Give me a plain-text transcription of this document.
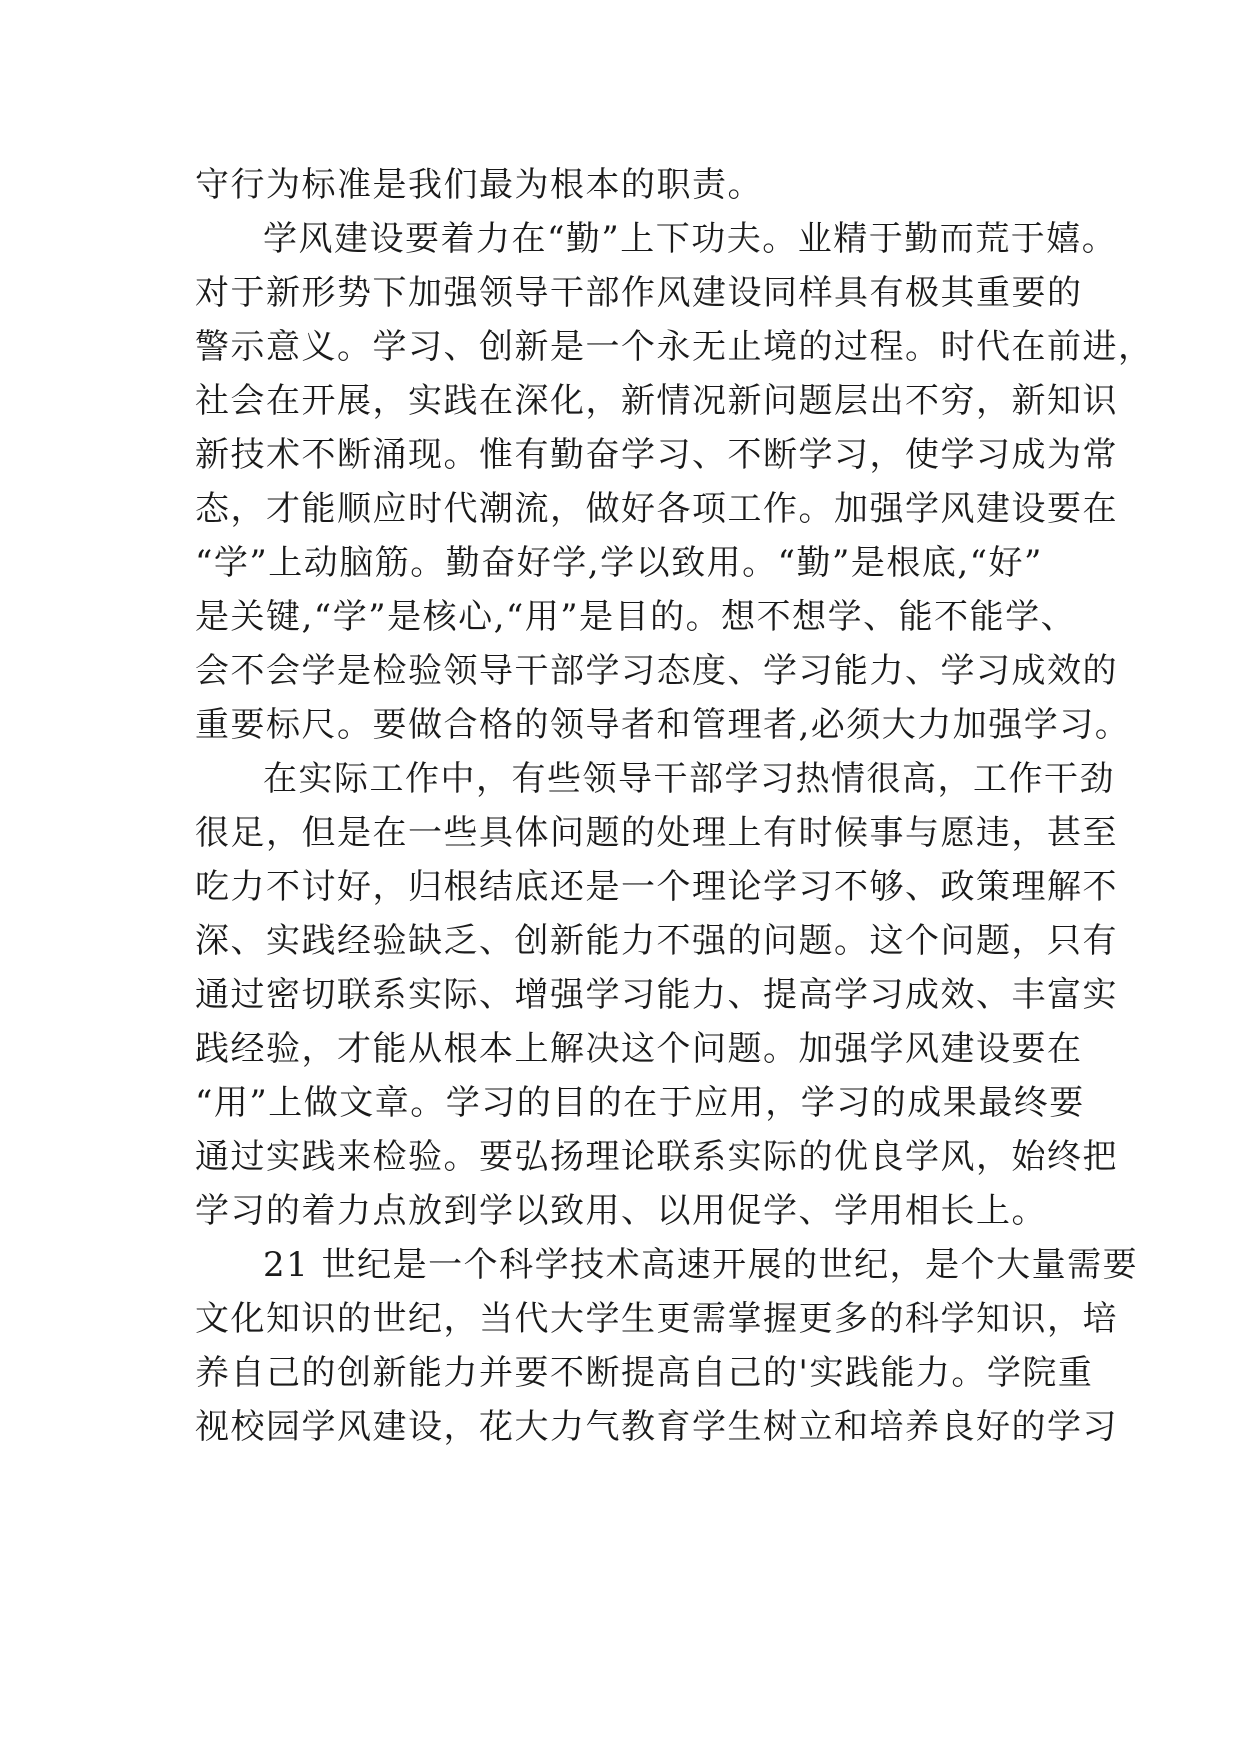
守行为标准是我们最为根本的职责。
学风建设要着力在“勤”上下功夫。业精于勤而荒于嬉。
对于新形势下加强领导干部作风建设同样具有极其重要的
警示意义。学习、创新是一个永无止境的过程。时代在前进，
社会在开展，实践在深化，新情况新问题层出不穷，新知识
新技术不断涌现。惟有勤奋学习、不断学习，使学习成为常
态，才能顺应时代潮流，做好各项工作。加强学风建设要在
“学”上动脑筋。勤奋好学,学以致用。“勤”是根底,“好”
是关键,“学”是核心,“用”是目的。想不想学、能不能学、
会不会学是检验领导干部学习态度、学习能力、学习成效的
重要标尺。要做合格的领导者和管理者,必须大力加强学习。
在实际工作中，有些领导干部学习热情很高，工作干劲
很足，但是在一些具体问题的处理上有时候事与愿违，甚至
吃力不讨好，归根结底还是一个理论学习不够、政策理解不
深、实践经验缺乏、创新能力不强的问题。这个问题，只有
通过密切联系实际、增强学习能力、提高学习成效、丰富实
践经验，才能从根本上解决这个问题。加强学风建设要在
“用”上做文章。学习的目的在于应用，学习的成果最终要
通过实践来检验。要弘扬理论联系实际的优良学风，始终把
学习的着力点放到学以致用、以用促学、学用相长上。
21 世纪是一个科学技术高速开展的世纪，是个大量需要
文化知识的世纪，当代大学生更需掌握更多的科学知识，培
养自己的创新能力并要不断提高自己的'实践能力。学院重
视校园学风建设，花大力气教育学生树立和培养良好的学习
